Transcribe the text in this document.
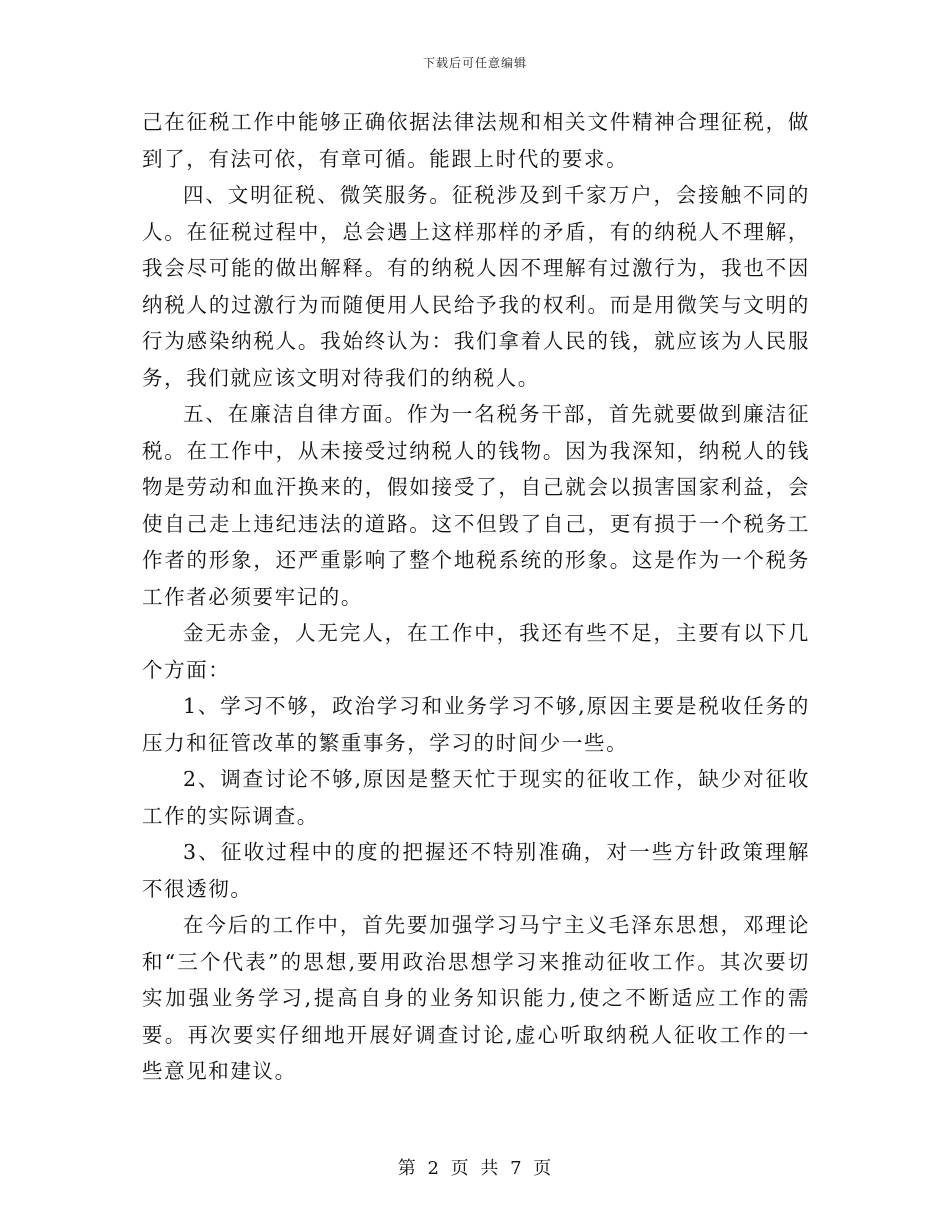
下载后可任意编辑

己在征税工作中能够正确依据法律法规和相关文件精神合理征税，做到了，有法可依，有章可循。能跟上时代的要求。

四、文明征税、微笑服务。征税涉及到千家万户，会接触不同的人。在征税过程中，总会遇上这样那样的矛盾，有的纳税人不理解，我会尽可能的做出解释。有的纳税人因不理解有过激行为，我也不因纳税人的过激行为而随便用人民给予我的权利。而是用微笑与文明的行为感染纳税人。我始终认为：我们拿着人民的钱，就应该为人民服务，我们就应该文明对待我们的纳税人。

五、在廉洁自律方面。作为一名税务干部，首先就要做到廉洁征税。在工作中，从未接受过纳税人的钱物。因为我深知，纳税人的钱物是劳动和血汗换来的，假如接受了，自己就会以损害国家利益，会使自己走上违纪违法的道路。这不但毁了自己，更有损于一个税务工作者的形象，还严重影响了整个地税系统的形象。这是作为一个税务工作者必须要牢记的。

金无赤金，人无完人，在工作中，我还有些不足，主要有以下几个方面：

1、学习不够，政治学习和业务学习不够,原因主要是税收任务的压力和征管改革的繁重事务，学习的时间少一些。

2、调查讨论不够,原因是整天忙于现实的征收工作，缺少对征收工作的实际调查。

3、征收过程中的度的把握还不特别准确，对一些方针政策理解不很透彻。

在今后的工作中，首先要加强学习马宁主义毛泽东思想，邓理论和“三个代表”的思想,要用政治思想学习来推动征收工作。其次要切实加强业务学习,提高自身的业务知识能力,使之不断适应工作的需要。再次要实仔细地开展好调查讨论,虚心听取纳税人征收工作的一些意见和建议。

第 2 页 共 7 页
